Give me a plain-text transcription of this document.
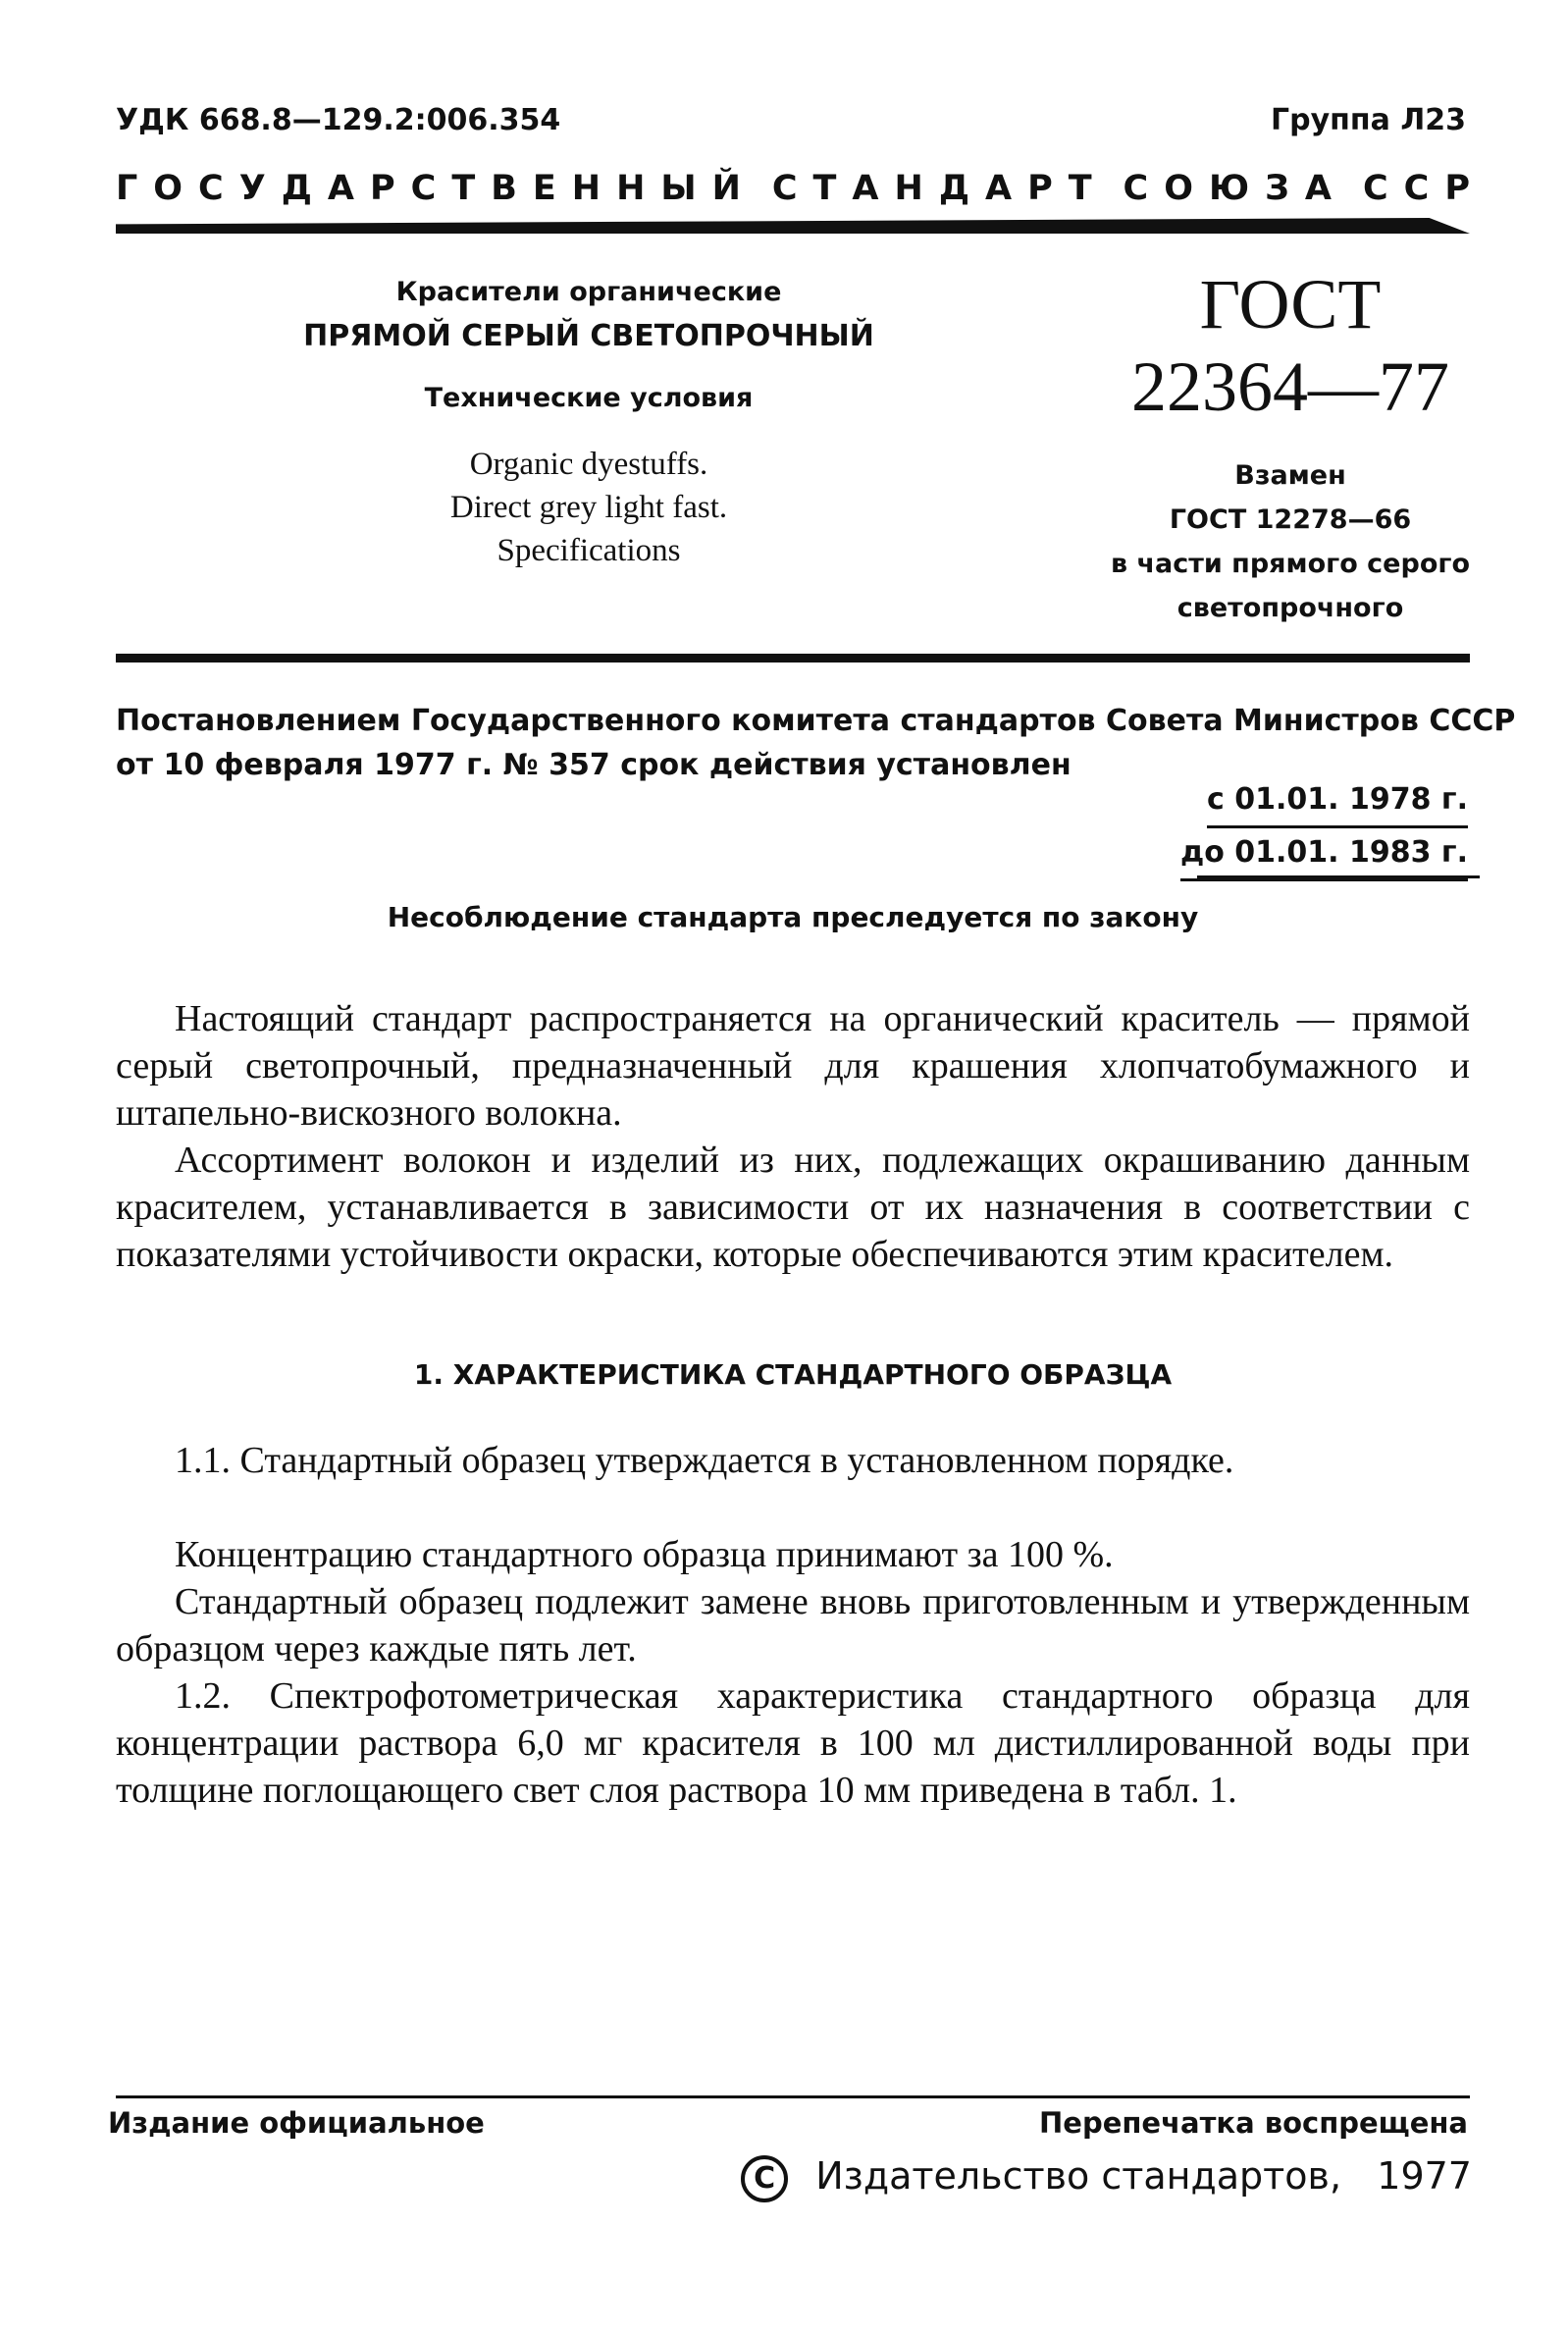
УДК 668.8—129.2:006.354	Группа Л23
ГОСУДАРСТВЕННЫЙ СТАНДАРТ СОЮЗА ССР
Красители органические
ПРЯМОЙ СЕРЫЙ СВЕТОПРОЧНЫЙ
Технические условия
Organic dyestuffs.
Direct grey light fast.
Specifications
ГОСТ
22364—77
Взамен
ГОСТ 12278—66
в части прямого серого
светопрочного
Постановлением Государственного комитета стандартов Совета Министров СССР
от 10 февраля 1977 г. № 357 срок действия установлен
с 01.01. 1978 г.
до 01.01. 1983 г.
Несоблюдение стандарта преследуется по закону
Настоящий стандарт распространяется на органический краситель — прямой серый светопрочный, предназначенный для крашения хлопчатобумажного и штапельно-вискозного волокна.
Ассортимент волокон и изделий из них, подлежащих окрашиванию данным красителем, устанавливается в зависимости от их назначения в соответствии с показателями устойчивости окраски, которые обеспечиваются этим красителем.
1. ХАРАКТЕРИСТИКА СТАНДАРТНОГО ОБРАЗЦА
1.1. Стандартный образец утверждается в установленном порядке.
Концентрацию стандартного образца принимают за 100 %.
Стандартный образец подлежит замене вновь приготовленным и утвержденным образцом через каждые пять лет.
1.2. Спектрофотометрическая характеристика стандартного образца для концентрации раствора 6,0 мг красителя в 100 мл дистиллированной воды при толщине поглощающего свет слоя раствора 10 мм приведена в табл. 1.
Издание официальное	Перепечатка воспрещена
C Издательство стандартов, 1977
